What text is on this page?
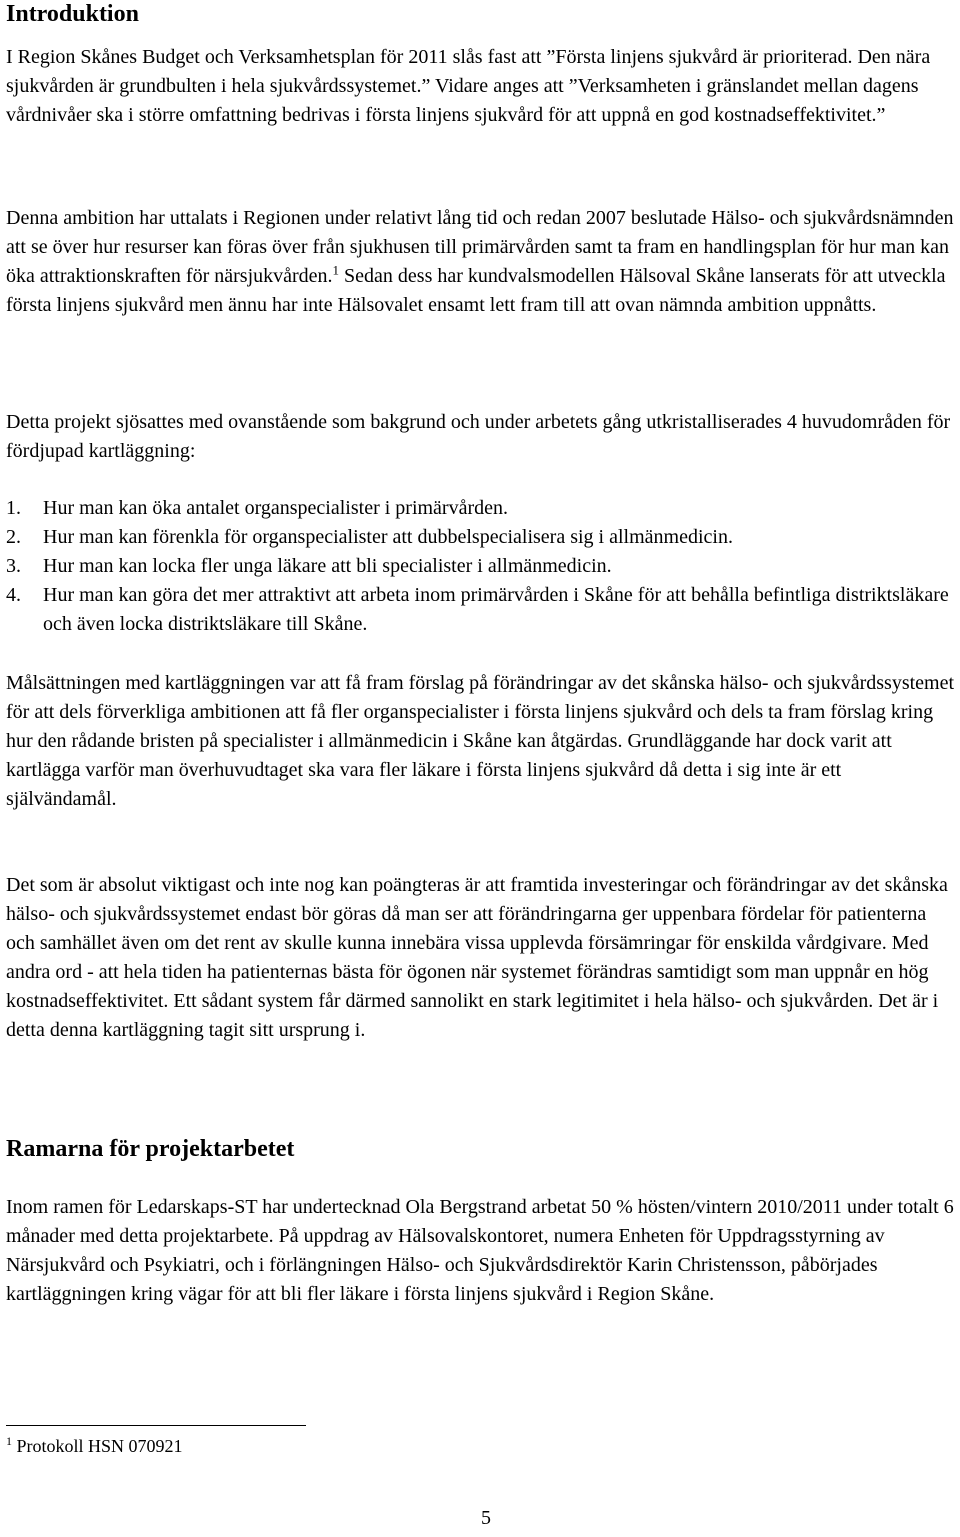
Introduktion

I Region Skånes Budget och Verksamhetsplan för 2011 slås fast att ”Första linjens sjukvård är prioriterad. Den nära sjukvården är grundbulten i hela sjukvårdssystemet.” Vidare anges att ”Verksamheten i gränslandet mellan dagens vårdnivåer ska i större omfattning bedrivas i första linjens sjukvård för att uppnå en god kostnadseffektivitet.”

Denna ambition har uttalats i Regionen under relativt lång tid och redan 2007 beslutade Hälso- och sjukvårdsnämnden att se över hur resurser kan föras över från sjukhusen till primärvården samt ta fram en handlingsplan för hur man kan öka attraktionskraften för närsjukvården.$^1$ Sedan dess har kundvalsmodellen Hälsoval Skåne lanserats för att utveckla första linjens sjukvård men ännu har inte Hälsovalet ensamt lett fram till att ovan nämnda ambition uppnåtts.

Detta projekt sjösattes med ovanstående som bakgrund och under arbetets gång utkristalliserades 4 huvudområden för fördjupad kartläggning:

1. Hur man kan öka antalet organspecialister i primärvården.
2. Hur man kan förenkla för organspecialister att dubbelspecialisera sig i allmänmedicin.
3. Hur man kan locka fler unga läkare att bli specialister i allmänmedicin.
4. Hur man kan göra det mer attraktivt att arbeta inom primärvården i Skåne för att behålla befintliga distriktsläkare och även locka distriktsläkare till Skåne.

Målsättningen med kartläggningen var att få fram förslag på förändringar av det skånska hälso- och sjukvårdssystemet för att dels förverkliga ambitionen att få fler organspecialister i första linjens sjukvård och dels ta fram förslag kring hur den rådande bristen på specialister i allmänmedicin i Skåne kan åtgärdas. Grundläggande har dock varit att kartlägga varför man överhuvudtaget ska vara fler läkare i första linjens sjukvård då detta i sig inte är ett självändamål.

Det som är absolut viktigast och inte nog kan poängteras är att framtida investeringar och förändringar av det skånska hälso- och sjukvårdssystemet endast bör göras då man ser att förändringarna ger uppenbara fördelar för patienterna och samhället även om det rent av skulle kunna innebära vissa upplevda försämringar för enskilda vårdgivare. Med andra ord - att hela tiden ha patienternas bästa för ögonen när systemet förändras samtidigt som man uppnår en hög kostnadseffektivitet. Ett sådant system får därmed sannolikt en stark legitimitet i hela hälso- och sjukvården. Det är i detta denna kartläggning tagit sitt ursprung i.

Ramarna för projektarbetet

Inom ramen för Ledarskaps-ST har undertecknad Ola Bergstrand arbetat 50 % hösten/vintern 2010/2011 under totalt 6 månader med detta projektarbete. På uppdrag av Hälsovalskontoret, numera Enheten för Uppdragsstyrning av Närsjukvård och Psykiatri, och i förlängningen Hälso- och Sjukvårdsdirektör Karin Christensson, påbörjades kartläggningen kring vägar för att bli fler läkare i första linjens sjukvård i Region Skåne.

$^1$ Protokoll HSN 070921
5
